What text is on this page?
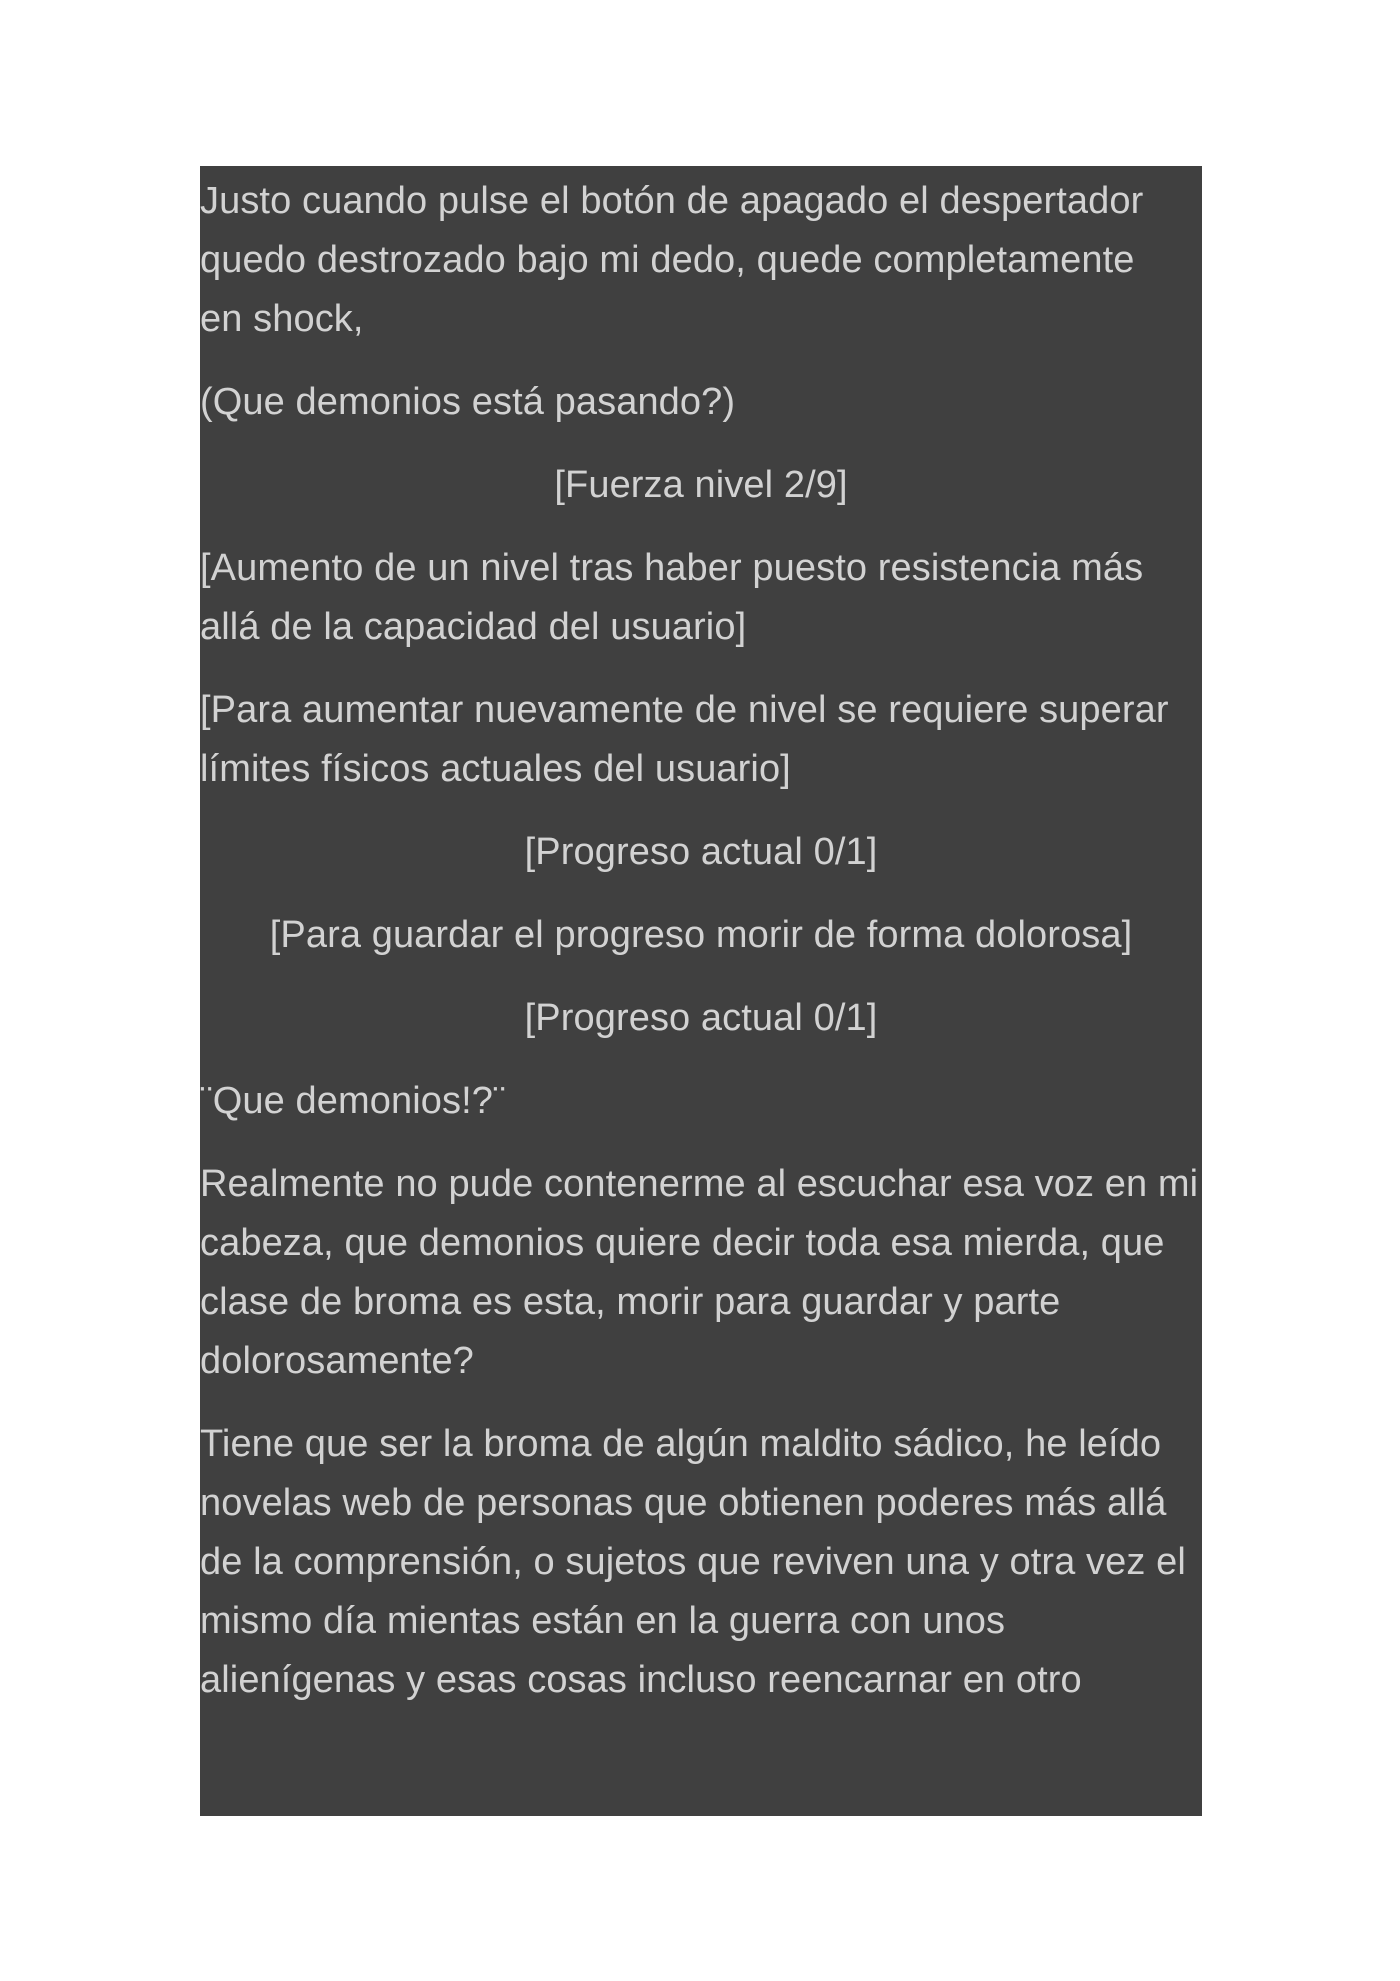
Justo cuando pulse el botón de apagado el despertador
quedo destrozado bajo mi dedo, quede completamente
en shock,

(Que demonios está pasando?)

[Fuerza nivel 2/9]

[Aumento de un nivel tras haber puesto resistencia más
allá de la capacidad del usuario]

[Para aumentar nuevamente de nivel se requiere superar
límites físicos actuales del usuario]

[Progreso actual 0/1]

[Para guardar el progreso morir de forma dolorosa]

[Progreso actual 0/1]

¨Que demonios!?¨

Realmente no pude contenerme al escuchar esa voz en mi
cabeza, que demonios quiere decir toda esa mierda, que
clase de broma es esta, morir para guardar y parte
dolorosamente?

Tiene que ser la broma de algún maldito sádico, he leído
novelas web de personas que obtienen poderes más allá
de la comprensión, o sujetos que reviven una y otra vez el
mismo día mientas están en la guerra con unos
alienígenas y esas cosas incluso reencarnar en otro
